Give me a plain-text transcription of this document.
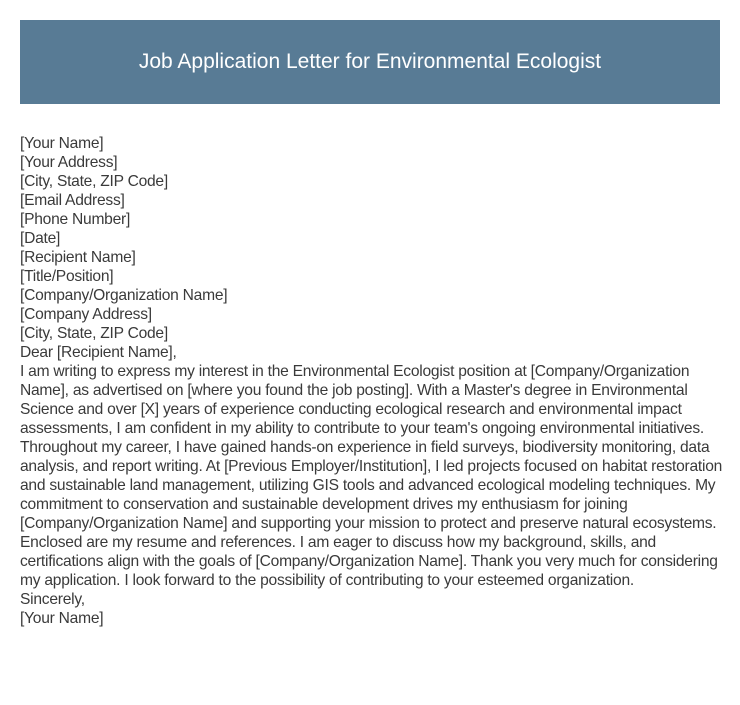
Job Application Letter for Environmental Ecologist

[Your Name]

[Your Address]

[City, State, ZIP Code]

[Email Address]

[Phone Number]

[Date]

[Recipient Name]

[Title/Position]

[Company/Organization Name]

[Company Address]

[City, State, ZIP Code]

Dear [Recipient Name],

I am writing to express my interest in the Environmental Ecologist position at [Company/Organization Name], as advertised on [where you found the job posting]. With a Master's degree in Environmental Science and over [X] years of experience conducting ecological research and environmental impact assessments, I am confident in my ability to contribute to your team's ongoing environmental initiatives.

Throughout my career, I have gained hands-on experience in field surveys, biodiversity monitoring, data analysis, and report writing. At [Previous Employer/Institution], I led projects focused on habitat restoration and sustainable land management, utilizing GIS tools and advanced ecological modeling techniques. My commitment to conservation and sustainable development drives my enthusiasm for joining [Company/Organization Name] and supporting your mission to protect and preserve natural ecosystems.

Enclosed are my resume and references. I am eager to discuss how my background, skills, and certifications align with the goals of [Company/Organization Name]. Thank you very much for considering my application. I look forward to the possibility of contributing to your esteemed organization.

Sincerely,

[Your Name]
